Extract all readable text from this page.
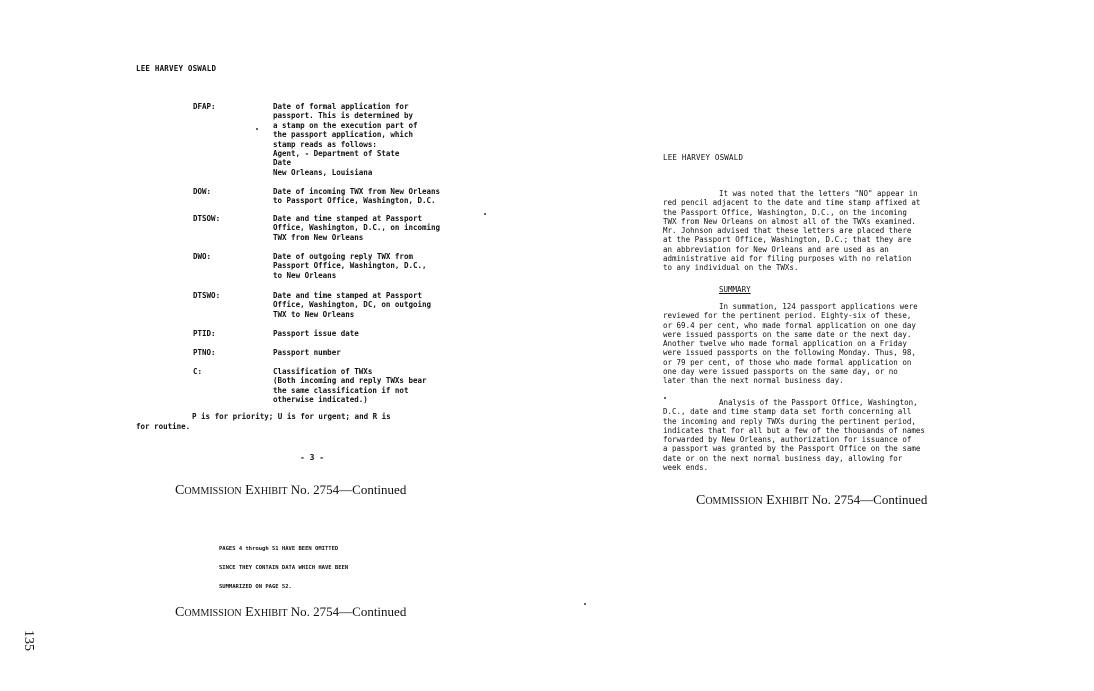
LEE HARVEY OSWALD
DFAP:	Date of formal application for
passport. This is determined by
a stamp on the execution part of
the passport application, which
stamp reads as follows:
Agent, - Department of State
Date
New Orleans, Louisiana
DOW:	Date of incoming TWX from New Orleans
to Passport Office, Washington, D.C.
DTSOW:	Date and time stamped at Passport
Office, Washington, D.C., on incoming
TWX from New Orleans
DWO:	Date of outgoing reply TWX from
Passport Office, Washington, D.C.,
to New Orleans
DTSWO:	Date and time stamped at Passport
Office, Washington, DC, on outgoing
TWX to New Orleans
PTID:	Passport issue date
PTNO:	Passport number
C:	Classification of TWXs
(Both incoming and reply TWXs bear
the same classification if not
otherwise indicated.)
P is for priority; U is for urgent; and R is
for routine.
- 3 -
Commission Exhibit No. 2754—Continued
PAGES 4 through 51 HAVE BEEN OMITTED
SINCE THEY CONTAIN DATA WHICH HAVE BEEN
SUMMARIZED ON PAGE 52.
Commission Exhibit No. 2754—Continued
135
LEE HARVEY OSWALD
It was noted that the letters "NO" appear in
red pencil adjacent to the date and time stamp affixed at
the Passport Office, Washington, D.C., on the incoming
TWX from New Orleans on almost all of the TWXs examined.
Mr. Johnson advised that these letters are placed there
at the Passport Office, Washington, D.C.; that they are
an abbreviation for New Orleans and are used as an
administrative aid for filing purposes with no relation
to any individual on the TWXs.
SUMMARY
In summation, 124 passport applications were
reviewed for the pertinent period. Eighty-six of these,
or 69.4 per cent, who made formal application on one day
were issued passports on the same date or the next day.
Another twelve who made formal application on a Friday
were issued passports on the following Monday. Thus, 98,
or 79 per cent, of those who made formal application on
one day were issued passports on the same day, or no
later than the next normal business day.
Analysis of the Passport Office, Washington,
D.C., date and time stamp data set forth concerning all
the incoming and reply TWXs during the pertinent period,
indicates that for all but a few of the thousands of names
forwarded by New Orleans, authorization for issuance of
a passport was granted by the Passport Office on the same
date or on the next normal business day, allowing for
week ends.
Commission Exhibit No. 2754—Continued
